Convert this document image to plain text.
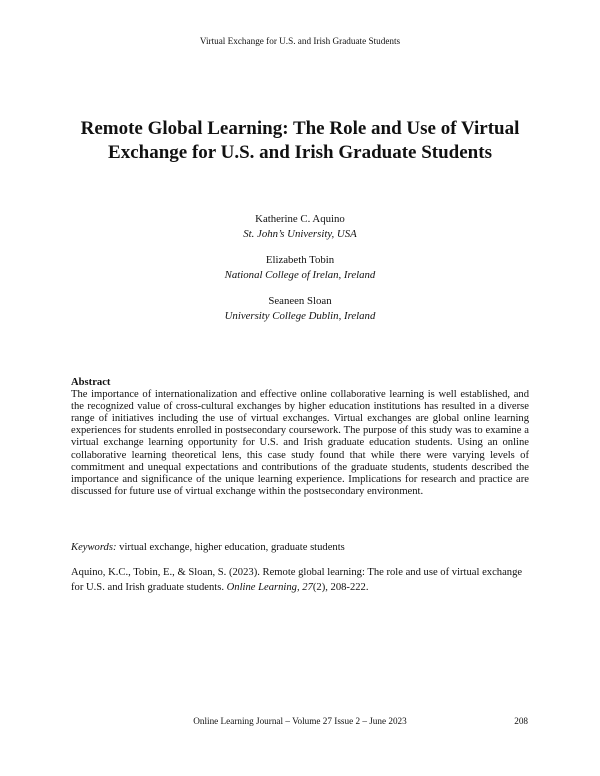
Virtual Exchange for U.S. and Irish Graduate Students
Remote Global Learning: The Role and Use of Virtual
Exchange for U.S. and Irish Graduate Students
Katherine C. Aquino
St. John’s University, USA
Elizabeth Tobin
National College of Irelan, Ireland
Seaneen Sloan
University College Dublin, Ireland
Abstract
The importance of internationalization and effective online collaborative learning is well established, and the recognized value of cross-cultural exchanges by higher education institutions has resulted in a diverse range of initiatives including the use of virtual exchanges. Virtual exchanges are global online learning experiences for students enrolled in postsecondary coursework. The purpose of this study was to examine a virtual exchange learning opportunity for U.S. and Irish graduate education students. Using an online collaborative learning theoretical lens, this case study found that while there were varying levels of commitment and unequal expectations and contributions of the graduate students, students described the importance and significance of the unique learning experience. Implications for research and practice are discussed for future use of virtual exchange within the postsecondary environment.
Keywords: virtual exchange, higher education, graduate students
Aquino, K.C., Tobin, E., & Sloan, S. (2023). Remote global learning: The role and use of virtual exchange for U.S. and Irish graduate students. Online Learning, 27(2), 208-222.
Online Learning Journal – Volume 27 Issue 2 – June 2023	208
